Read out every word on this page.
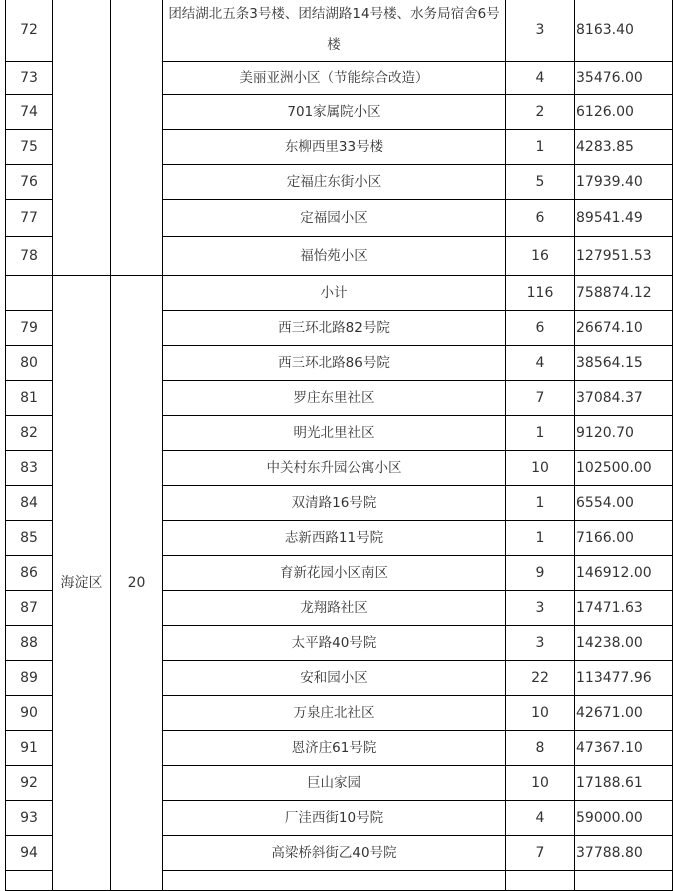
72			团结湖北五条3号楼、团结湖路14号楼、水务局宿舍6号楼	3	8163.40
73			美丽亚洲小区（节能综合改造）	4	35476.00
74			701家属院小区	2	6126.00
75			东柳西里33号楼	1	4283.85
76			定福庄东街小区	5	17939.40
77			定福园小区	6	89541.49
78			福怡苑小区	16	127951.53
	海淀区	20	小计	116	758874.12
79			西三环北路82号院	6	26674.10
80			西三环北路86号院	4	38564.15
81			罗庄东里社区	7	37084.37
82			明光北里社区	1	9120.70
83			中关村东升园公寓小区	10	102500.00
84			双清路16号院	1	6554.00
85			志新西路11号院	1	7166.00
86			育新花园小区南区	9	146912.00
87			龙翔路社区	3	17471.63
88			太平路40号院	3	14238.00
89			安和园小区	22	113477.96
90			万泉庄北社区	10	42671.00
91			恩济庄61号院	8	47367.10
92			巨山家园	10	17188.61
93			厂洼西街10号院	4	59000.00
94			高梁桥斜街乙40号院	7	37788.80
